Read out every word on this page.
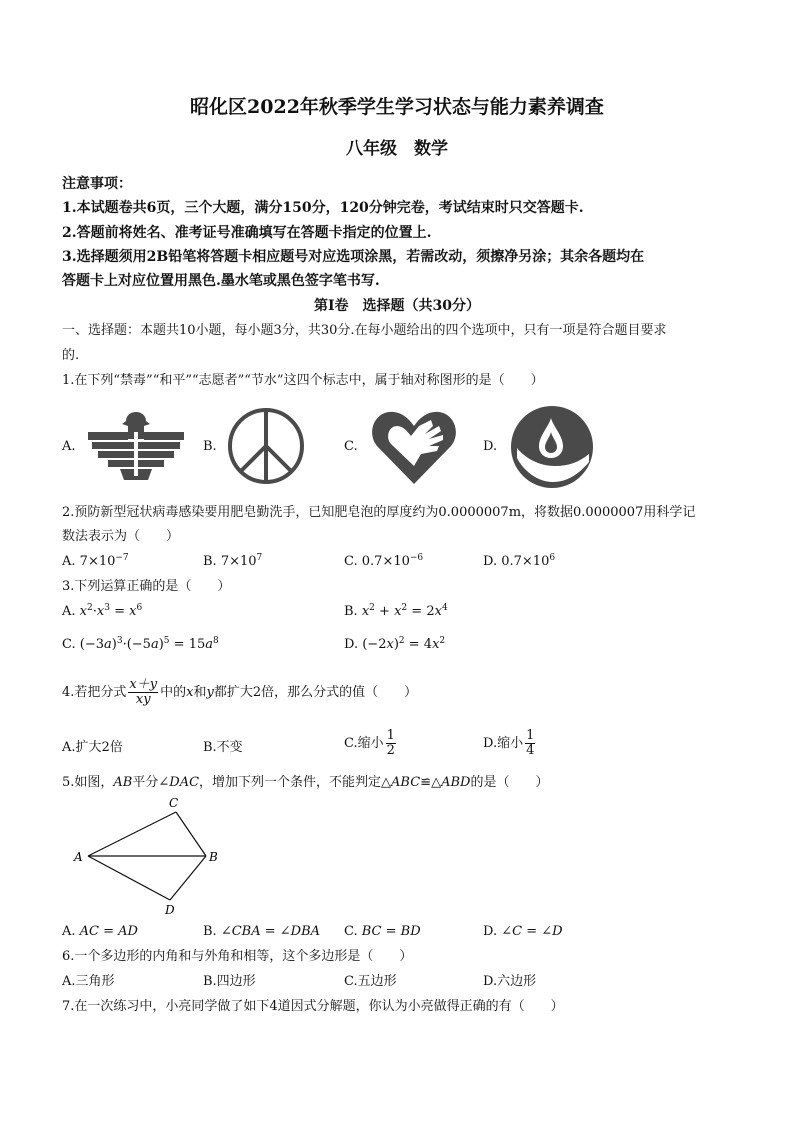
昭化区2022年秋季学生学习状态与能力素养调查
八年级　数学
注意事项：
1.本试题卷共6页，三个大题，满分150分，120分钟完卷，考试结束时只交答题卡.
2.答题前将姓名、准考证号准确填写在答题卡指定的位置上.
3.选择题须用2B铅笔将答题卡相应题号对应选项涂黑，若需改动，须擦净另涂；其余各题均在
答题卡上对应位置用黑色.墨水笔或黑色签字笔书写.
第Ⅰ卷　选择题（共30分）
一、选择题：本题共10小题，每小题3分，共30分.在每小题给出的四个选项中，只有一项是符合题目要求
的.
1.在下列“禁毒”“和平”“志愿者”“节水”这四个标志中，属于轴对称图形的是（　　）
A.	B.	C.	D.
2.预防新型冠状病毒感染要用肥皂勤洗手，已知肥皂泡的厚度约为0.0000007m，将数据0.0000007用科学记
数法表示为（　　）
A. $7\times 10^{-7}$	B. $7\times 10^7$	C. $0.7\times 10^{-6}$	D. $0.7\times 10^6$
3.下列运算正确的是（　　）
A. $x^2\cdot x^3 = x^6$	B. $x^2 + x^2 = 2x^4$
C. $(-3a)^3\cdot(-5a)^5 = 15a^8$	D. $(-2x)^2 = 4x^2$
4.若把分式 $\frac{x+y}{xy}$ 中的x和y都扩大2倍，那么分式的值（　　）
A.扩大2倍	B.不变	C.缩小 $\frac{1}{2}$	D.缩小 $\frac{1}{4}$
5.如图，AB平分∠DAC，增加下列一个条件，不能判定△ABC≌△ABD的是（　　）
A	B
C
D
A. AC = AD	B. ∠CBA = ∠DBA C. BC = BD	D. ∠C = ∠D
6.一个多边形的内角和与外角和相等，这个多边形是（　　）
A.三角形	B.四边形	C.五边形	D.六边形
7.在一次练习中，小亮同学做了如下4道因式分解题，你认为小亮做得正确的有（　　）
